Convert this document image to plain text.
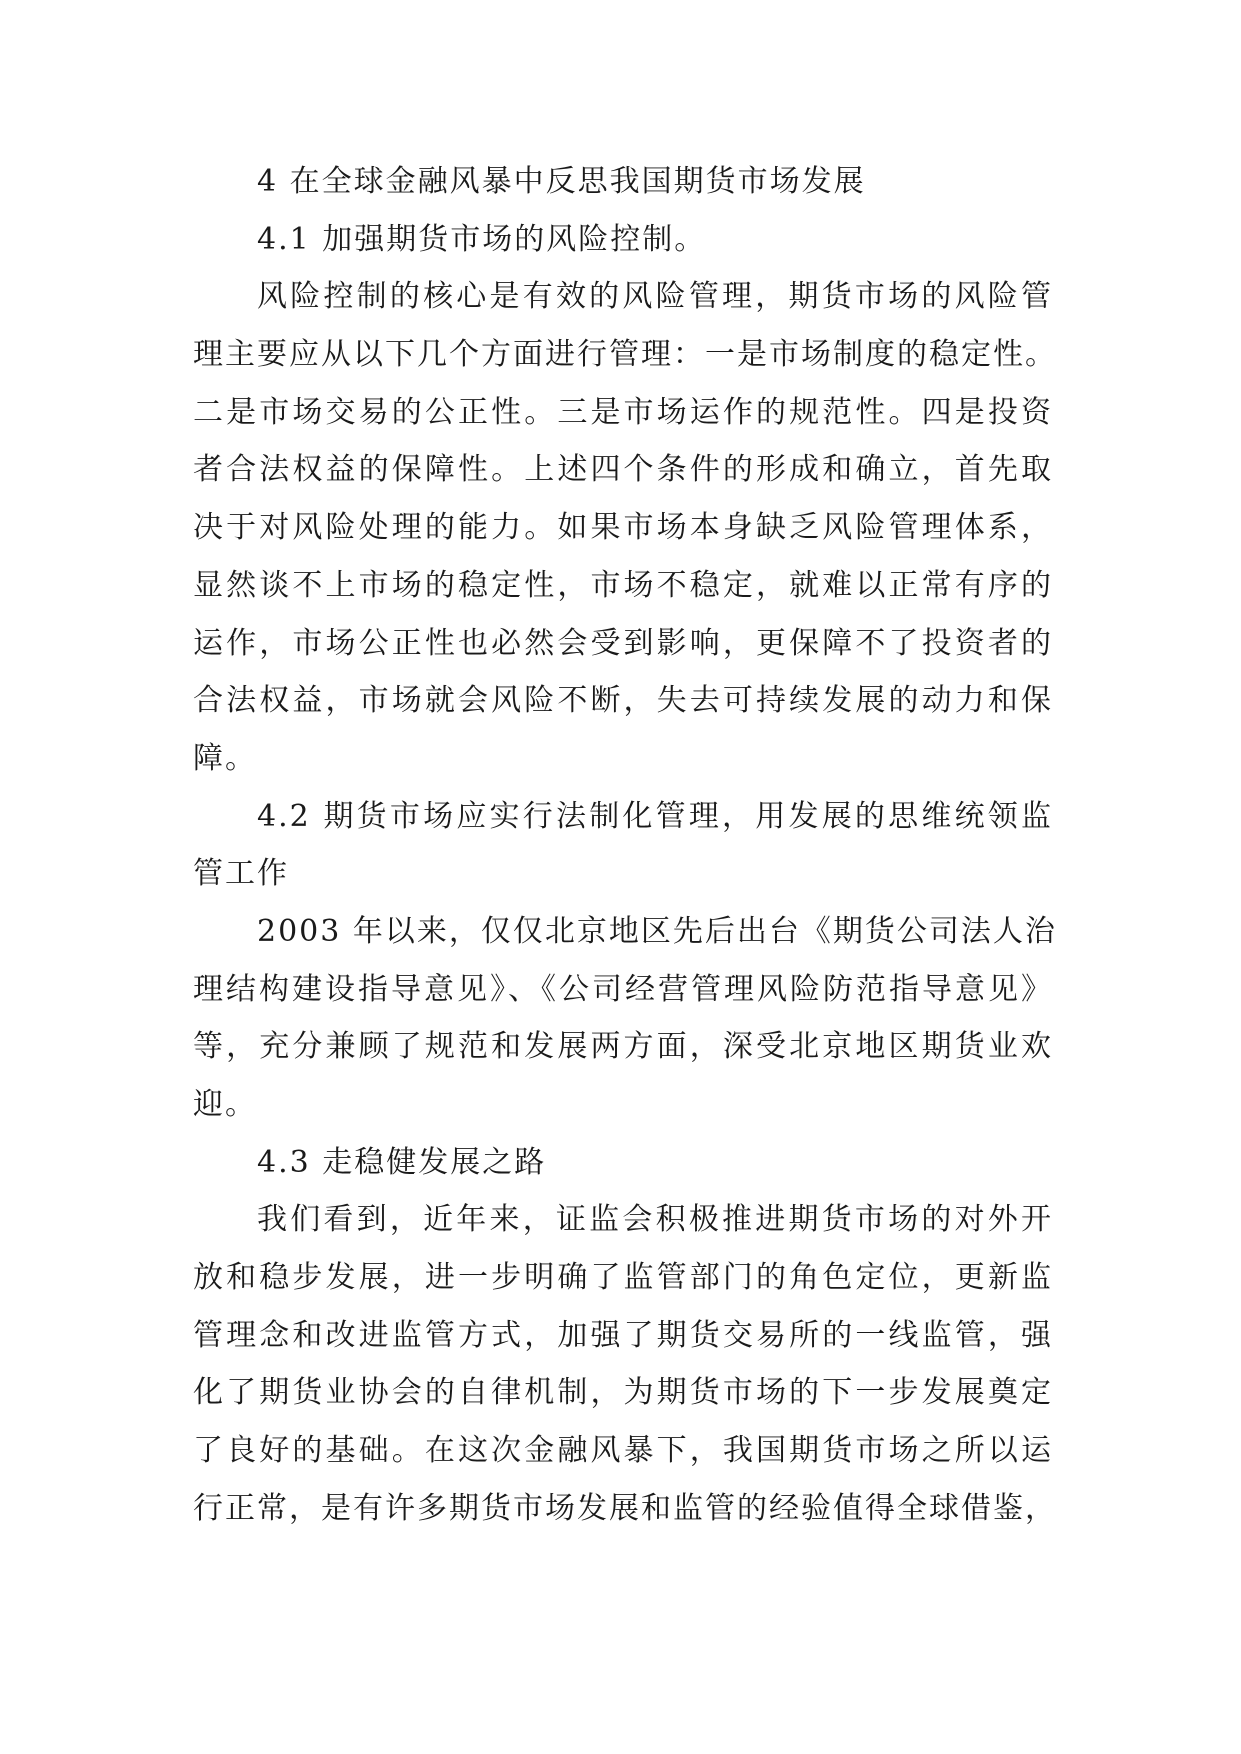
4 在全球金融风暴中反思我国期货市场发展
4.1 加强期货市场的风险控制。
风险控制的核心是有效的风险管理，期货市场的风险管
理主要应从以下几个方面进行管理：一是市场制度的稳定性。
二是市场交易的公正性。三是市场运作的规范性。四是投资
者合法权益的保障性。上述四个条件的形成和确立，首先取
决于对风险处理的能力。如果市场本身缺乏风险管理体系，
显然谈不上市场的稳定性，市场不稳定，就难以正常有序的
运作，市场公正性也必然会受到影响，更保障不了投资者的
合法权益，市场就会风险不断，失去可持续发展的动力和保
障。
4.2 期货市场应实行法制化管理，用发展的思维统领监
管工作
2003 年以来，仅仅北京地区先后出台《期货公司法人治
理结构建设指导意见》、《公司经营管理风险防范指导意见》
等，充分兼顾了规范和发展两方面，深受北京地区期货业欢
迎。
4.3 走稳健发展之路
我们看到，近年来，证监会积极推进期货市场的对外开
放和稳步发展，进一步明确了监管部门的角色定位，更新监
管理念和改进监管方式，加强了期货交易所的一线监管，强
化了期货业协会的自律机制，为期货市场的下一步发展奠定
了良好的基础。在这次金融风暴下，我国期货市场之所以运
行正常，是有许多期货市场发展和监管的经验值得全球借鉴，
